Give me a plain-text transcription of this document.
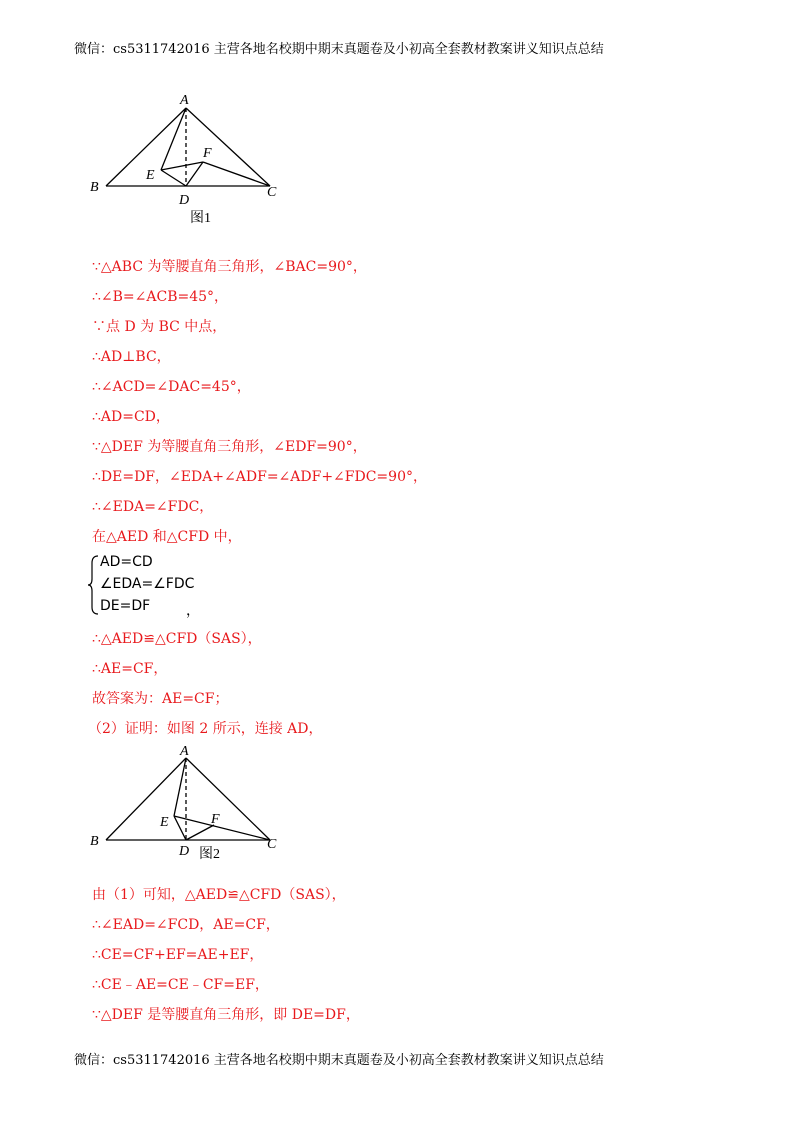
微信：cs5311742016 主营各地名校期中期末真题卷及小初高全套教材教案讲义知识点总结
A
B	C
D
E
F
图1
∵△ABC 为等腰直角三角形，∠BAC=90°，
∴∠B=∠ACB=45°，
∵点 D 为 BC 中点，
∴AD⊥BC，
∴∠ACD=∠DAC=45°，
∴AD=CD，
∵△DEF 为等腰直角三角形，∠EDF=90°，
∴DE=DF，∠EDA+∠ADF=∠ADF+∠FDC=90°，
∴∠EDA=∠FDC，
在△AED 和△CFD 中，
AD=CD
∠EDA=∠FDC
DE=DF	，
∴△AED≌△CFD（SAS），
∴AE=CF，
故答案为：AE=CF；
（2）证明：如图 2 所示，连接 AD，
A
B	C
D
E	F
图2
由（1）可知，△AED≌△CFD（SAS），
∴∠EAD=∠FCD，AE=CF，
∴CE=CF+EF=AE+EF，
∴CE﹣AE=CE﹣CF=EF，
∵△DEF 是等腰直角三角形，即 DE=DF，
微信：cs5311742016 主营各地名校期中期末真题卷及小初高全套教材教案讲义知识点总结
